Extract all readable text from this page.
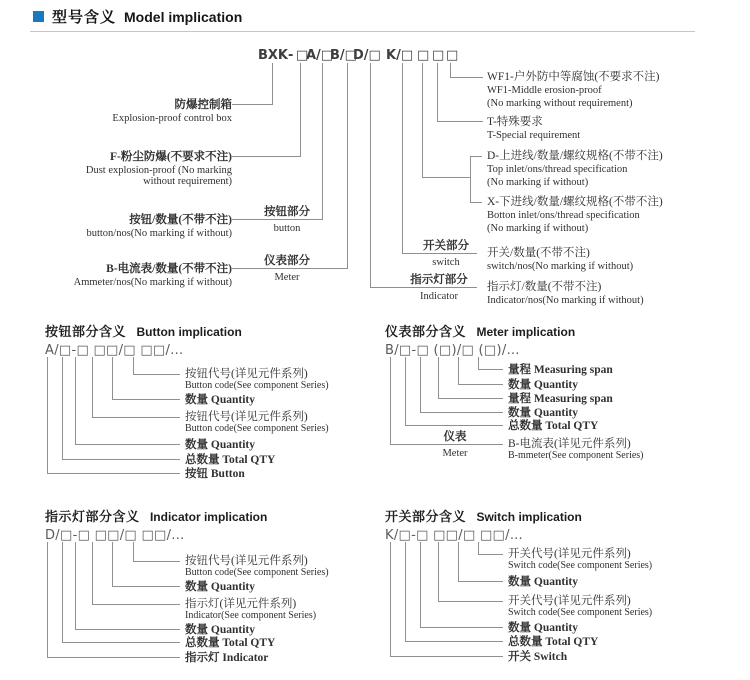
型号含义 Model implication
BXK - □
A/□
B/□
D/□ K/□ □ □ □
防爆控制箱
Explosion-proof control box
F-粉尘防爆(不要求不注)
Dust explosion-proof (No marking without requirement)
按钮/数量(不带不注)
button/nos(No marking if without)
B-电流表/数量(不带不注)
Ammeter/nos(No marking if without)
按钮部分
button
仪表部分
Meter
开关部分
switch
指示灯部分
Indicator
WF1-户外防中等腐蚀(不要求不注)
WF1-Middle erosion-proof
(No marking without requirement)
T-特殊要求
T-Special requirement
D-上进线/数量/螺纹规格(不带不注)
Top inlet/ons/thread specification
(No marking if without)
X-下进线/数量/螺纹规格(不带不注)
Botton inlet/ons/thread specification
(No marking if without)
开关/数量(不带不注)
switch/nos(No marking if without)
指示灯/数量(不带不注)
Indicator/nos(No marking if without)
按钮部分含义 Button implication
A/□-□ □□/□ □□/…
按钮代号(详见元件系列)
Button code(See component Series)
数量 Quantity
按钮代号(详见元件系列)
Button code(See component Series)
数量 Quantity
总数量 Total QTY
按钮 Button
仪表部分含义 Meter implication
B/□-□ (□)/□ (□)/…
量程 Measuring span
数量 Quantity
量程 Measuring span
数量 Quantity
总数量 Total QTY
仪表
Meter
B-电流表(详见元件系列)
B-mmeter(See component Series)
指示灯部分含义 Indicator implication
D/□-□ □□/□ □□/…
按钮代号(详见元件系列)
Button code(See component Series)
数量 Quantity
指示灯(详见元件系列)
Indicator(See component Series)
数量 Quantity
总数量 Total QTY
指示灯 Indicator
开关部分含义 Switch implication
K/□-□ □□/□ □□/…
开关代号(详见元件系列)
Switch code(See component Series)
数量 Quantity
开关代号(详见元件系列)
Switch code(See component Series)
数量 Quantity
总数量 Total QTY
开关 Switch
